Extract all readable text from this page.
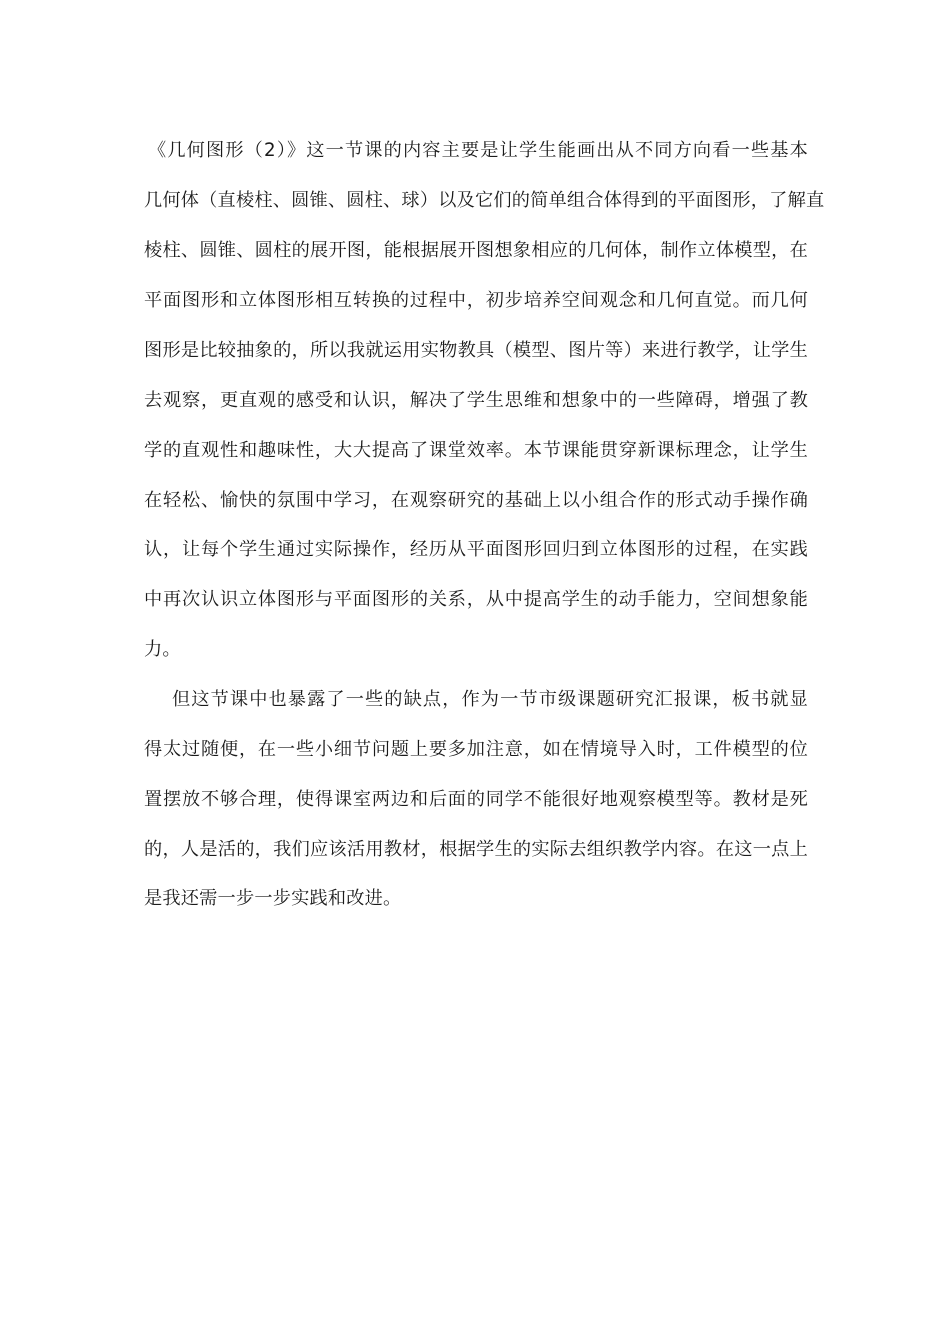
《几何图形（2）》这一节课的内容主要是让学生能画出从不同方向看一些基本
几何体（直棱柱、圆锥、圆柱、球）以及它们的简单组合体得到的平面图形，了解直
棱柱、圆锥、圆柱的展开图，能根据展开图想象相应的几何体，制作立体模型，在
平面图形和立体图形相互转换的过程中，初步培养空间观念和几何直觉。而几何
图形是比较抽象的，所以我就运用实物教具（模型、图片等）来进行教学，让学生
去观察，更直观的感受和认识，解决了学生思维和想象中的一些障碍，增强了教
学的直观性和趣味性，大大提高了课堂效率。本节课能贯穿新课标理念，让学生
在轻松、愉快的氛围中学习，在观察研究的基础上以小组合作的形式动手操作确
认，让每个学生通过实际操作，经历从平面图形回归到立体图形的过程，在实践
中再次认识立体图形与平面图形的关系，从中提高学生的动手能力，空间想象能
力。
但这节课中也暴露了一些的缺点，作为一节市级课题研究汇报课，板书就显
得太过随便，在一些小细节问题上要多加注意，如在情境导入时，工件模型的位
置摆放不够合理，使得课室两边和后面的同学不能很好地观察模型等。教材是死
的，人是活的，我们应该活用教材，根据学生的实际去组织教学内容。在这一点上
是我还需一步一步实践和改进。
